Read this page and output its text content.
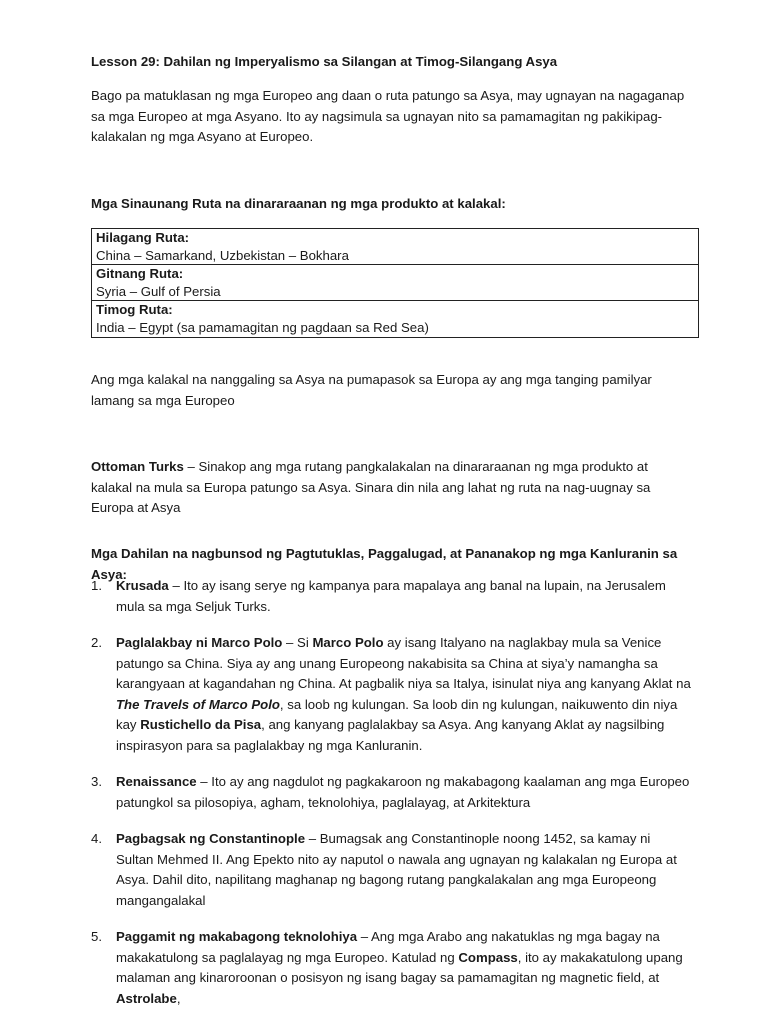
Lesson 29: Dahilan ng Imperyalismo sa Silangan at Timog-Silangang Asya

Bago pa matuklasan ng mga Europeo ang daan o ruta patungo sa Asya, may ugnayan na nagaganap sa mga Europeo at mga Asyano. Ito ay nagsimula sa ugnayan nito sa pamamagitan ng pakikipag-kalakalan ng mga Asyano at Europeo.

Mga Sinaunang Ruta na dinararaanan ng mga produkto at kalakal:

Hilagang Ruta:
China – Samarkand, Uzbekistan – Bokhara
Gitnang Ruta:
Syria – Gulf of Persia
Timog Ruta:
India – Egypt (sa pamamagitan ng pagdaan sa Red Sea)

Ang mga kalakal na nanggaling sa Asya na pumapasok sa Europa ay ang mga tanging pamilyar lamang sa mga Europeo

Ottoman Turks – Sinakop ang mga rutang pangkalakalan na dinararaanan ng mga produkto at kalakal na mula sa Europa patungo sa Asya. Sinara din nila ang lahat ng ruta na nag-uugnay sa Europa at Asya

Mga Dahilan na nagbunsod ng Pagtutuklas, Paggalugad, at Pananakop ng mga Kanluranin sa Asya:

1. Krusada – Ito ay isang serye ng kampanya para mapalaya ang banal na lupain, na Jerusalem mula sa mga Seljuk Turks.
2. Paglalakbay ni Marco Polo – Si Marco Polo ay isang Italyano na naglakbay mula sa Venice patungo sa China. Siya ay ang unang Europeong nakabisita sa China at siya’y namangha sa karangyaan at kagandahan ng China. At pagbalik niya sa Italya, isinulat niya ang kanyang Aklat na The Travels of Marco Polo, sa loob ng kulungan. Sa loob din ng kulungan, naikuwento din niya kay Rustichello da Pisa, ang kanyang paglalakbay sa Asya. Ang kanyang Aklat ay nagsilbing inspirasyon para sa paglalakbay ng mga Kanluranin.
3. Renaissance – Ito ay ang nagdulot ng pagkakaroon ng makabagong kaalaman ang mga Europeo patungkol sa pilosopiya, agham, teknolohiya, paglalayag, at Arkitektura
4. Pagbagsak ng Constantinople – Bumagsak ang Constantinople noong 1452, sa kamay ni Sultan Mehmed II. Ang Epekto nito ay naputol o nawala ang ugnayan ng kalakalan ng Europa at Asya. Dahil dito, napilitang maghanap ng bagong rutang pangkalakalan ang mga Europeong mangangalakal
5. Paggamit ng makabagong teknolohiya – Ang mga Arabo ang nakatuklas ng mga bagay na makakatulong sa paglalayag ng mga Europeo. Katulad ng Compass, ito ay makakatulong upang malaman ang kinaroroonan o posisyon ng isang bagay sa pamamagitan ng magnetic field, at Astrolabe,
